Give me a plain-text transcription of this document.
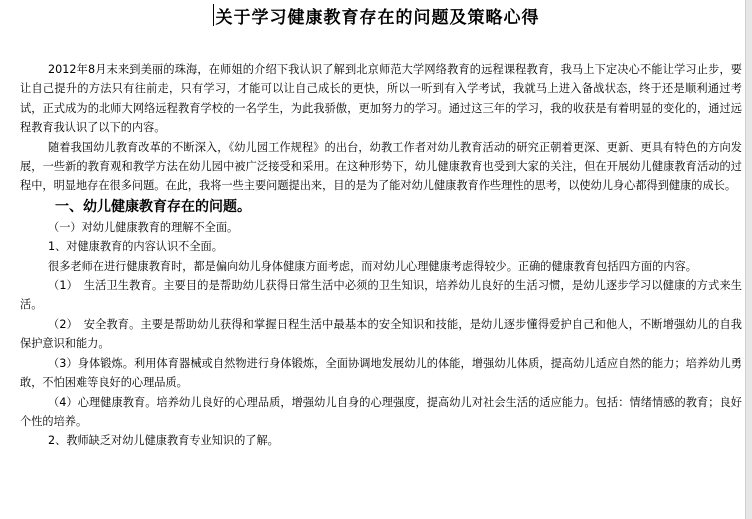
关于学习健康教育存在的问题及策略心得

2012年8月末来到美丽的珠海，在师姐的介绍下我认识了解到北京师范大学网络教育的远程课程教育，我马上下定决心不能让学习止步，要让自己提升的方法只有往前走，只有学习，才能可以让自己成长的更快，所以一听到有入学考试，我就马上进入备战状态，终于还是顺利通过考试，正式成为的北师大网络远程教育学校的一名学生，为此我骄傲，更加努力的学习。通过这三年的学习，我的收获是有着明显的变化的，通过远程教育我认识了以下的内容。

随着我国幼儿教育改革的不断深入，《幼儿园工作规程》的出台，幼教工作者对幼儿教育活动的研究正朝着更深、更新、更具有特色的方向发展，一些新的教育观和教学方法在幼儿园中被广泛接受和采用。在这种形势下，幼儿健康教育也受到大家的关注，但在开展幼儿健康教育活动的过程中，明显地存在很多问题。在此，我将一些主要问题提出来，目的是为了能对幼儿健康教育作些理性的思考，以使幼儿身心都得到健康的成长。

一、幼儿健康教育存在的问题。

（一）对幼儿健康教育的理解不全面。

1、对健康教育的内容认识不全面。

很多老师在进行健康教育时，都是偏向幼儿身体健康方面考虑，而对幼儿心理健康考虑得较少。正确的健康教育包括四方面的内容。

（1）　生活卫生教育。主要目的是帮助幼儿获得日常生活中必须的卫生知识，培养幼儿良好的生活习惯，是幼儿逐步学习以健康的方式来生活。

（2）　安全教育。主要是帮助幼儿获得和掌握日程生活中最基本的安全知识和技能，是幼儿逐步懂得爱护自己和他人，不断增强幼儿的自我保护意识和能力。

（3）身体锻炼。利用体育器械或自然物进行身体锻炼，全面协调地发展幼儿的体能，增强幼儿体质，提高幼儿适应自然的能力；培养幼儿勇敢，不怕困难等良好的心理品质。

（4）心理健康教育。培养幼儿良好的心理品质，增强幼儿自身的心理强度，提高幼儿对社会生活的适应能力。包括：情绪情感的教育；良好个性的培养。

2、教师缺乏对幼儿健康教育专业知识的了解。
